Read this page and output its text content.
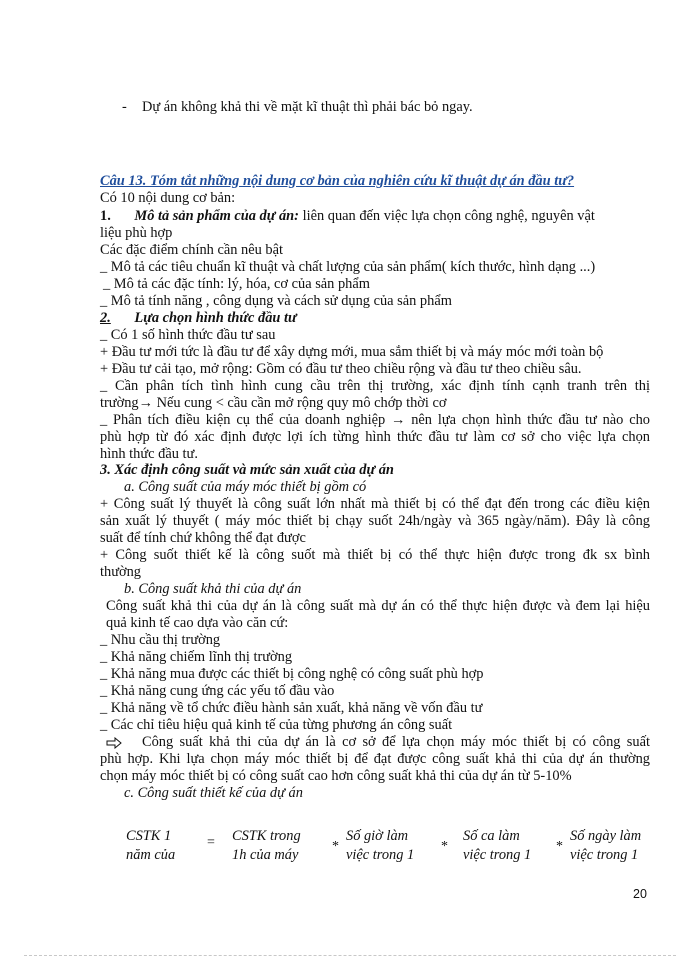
- Dự án không khả thi về mặt kĩ thuật thì phải bác bỏ ngay.
Câu 13. Tóm tắt những nội dung cơ bản của nghiên cứu kĩ thuật dự án đầu tư?
Có 10 nội dung cơ bản:
1. Mô tả sản phẩm của dự án: liên quan đến việc lựa chọn công nghệ, nguyên vật
liệu phù hợp
Các đặc điểm chính cần nêu bật
_ Mô tả các tiêu chuẩn kĩ thuật và chất lượng của sản phẩm( kích thước, hình dạng ...)
_ Mô tả các đặc tính: lý, hóa, cơ của sản phẩm
_ Mô tả tính năng , công dụng và cách sử dụng của sản phẩm
2. Lựa chọn hình thức đầu tư
_ Có 1 số hình thức đầu tư sau
+ Đầu tư mới tức là đầu tư để xây dựng mới, mua sắm thiết bị và máy móc mới toàn bộ
+ Đầu tư cải tạo, mở rộng: Gồm có đầu tư theo chiều rộng và đầu tư theo chiều sâu.
_ Cần phân tích tình hình cung cầu trên thị trường, xác định tính cạnh tranh trên thị
trường→ Nếu cung < cầu cần mở rộng quy mô chớp thời cơ
_ Phân tích điều kiện cụ thể của doanh nghiệp → nên lựa chọn hình thức đầu tư nào cho
phù hợp từ đó xác định được lợi ích từng hình thức đầu tư làm cơ sở cho việc lựa chọn
hình thức đầu tư.
3. Xác định công suất và mức sản xuất của dự án
a. Công suất của máy móc thiết bị gồm có
+ Công suất lý thuyết là công suất lớn nhất mà thiết bị có thể đạt đến trong các điều kiện
sản xuất lý thuyết ( máy móc thiết bị chạy suốt 24h/ngày và 365 ngày/năm). Đây là công
suất để tính chứ không thể đạt được
+ Công suốt thiết kế là công suốt mà thiết bị có thể thực hiện được trong đk sx bình
thường
b. Công suất khả thi của dự án
Công suất khả thi của dự án là công suất mà dự án có thể thực hiện được và đem lại hiệu
quả kinh tế cao dựa vào căn cứ:
_ Nhu cầu thị trường
_ Khả năng chiếm lĩnh thị trường
_ Khả năng mua được các thiết bị công nghệ có công suất phù hợp
_ Khả năng cung ứng các yếu tố đầu vào
_ Khả năng về tổ chức điều hành sản xuất, khả năng về vốn đầu tư
_ Các chỉ tiêu hiệu quả kinh tế của từng phương án công suất
Công suất khả thi của dự án là cơ sở để lựa chọn máy móc thiết bị có công suất
phù hợp. Khi lựa chọn máy móc thiết bị để đạt được công suất khả thi của dự án thường
chọn máy móc thiết bị có công suất cao hơn công suất khả thi của dự án từ 5-10%
c. Công suất thiết kế của dự án
CSTK 1
năm của
= CSTK trong
1h của máy
*
Số giờ làm
việc trong 1
*
Số ca làm
việc trong 1
*
Số ngày làm
việc trong 1
20
